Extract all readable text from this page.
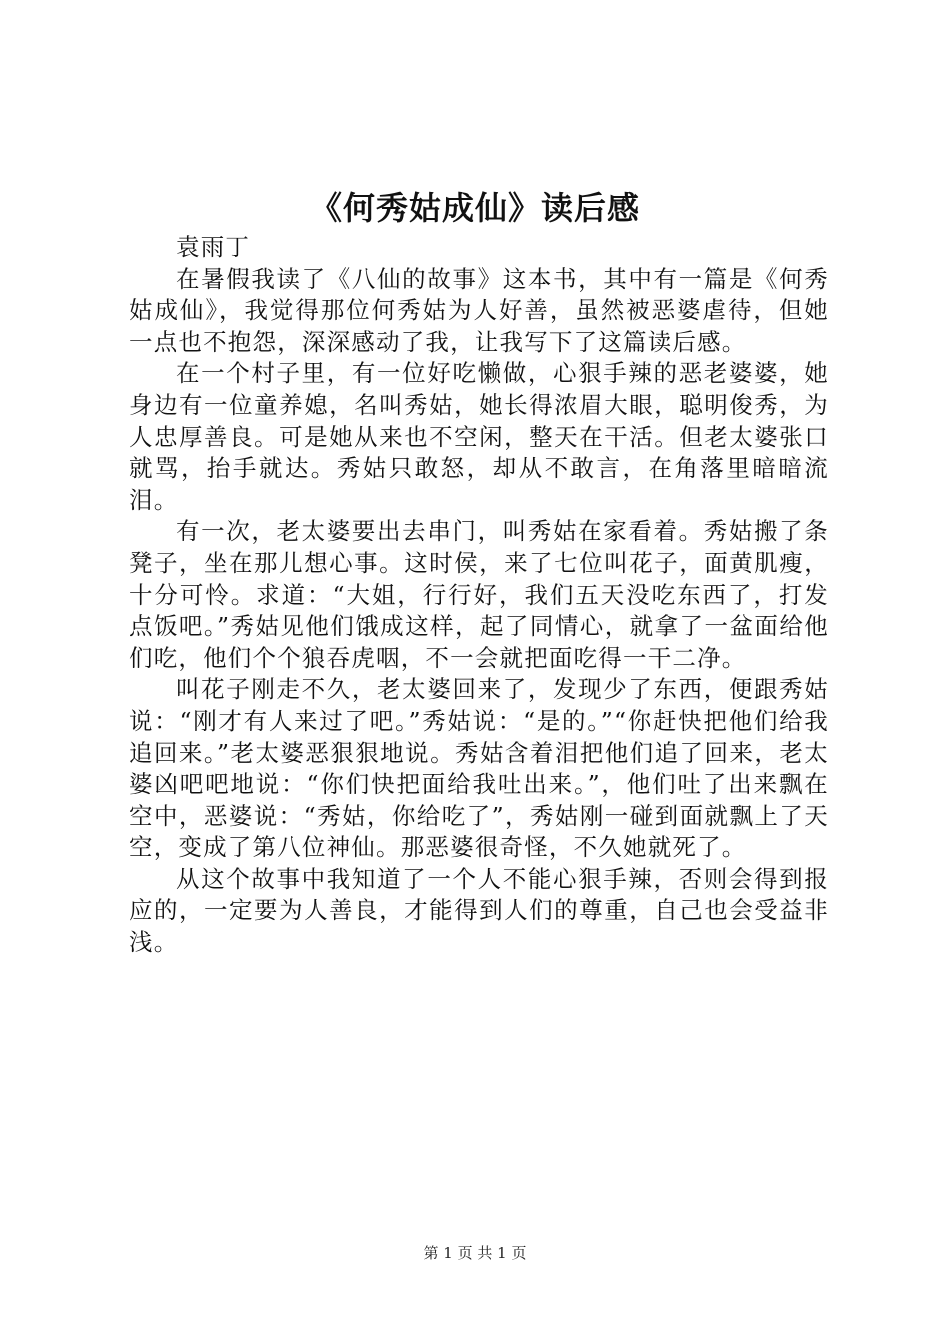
《何秀姑成仙》读后感

袁雨丁

在暑假我读了《八仙的故事》这本书，其中有一篇是《何秀姑成仙》，我觉得那位何秀姑为人好善，虽然被恶婆虐待，但她一点也不抱怨，深深感动了我，让我写下了这篇读后感。

在一个村子里，有一位好吃懒做，心狠手辣的恶老婆婆，她身边有一位童养媳，名叫秀姑，她长得浓眉大眼，聪明俊秀，为人忠厚善良。可是她从来也不空闲，整天在干活。但老太婆张口就骂，抬手就达。秀姑只敢怒，却从不敢言，在角落里暗暗流泪。

有一次，老太婆要出去串门，叫秀姑在家看着。秀姑搬了条凳子，坐在那儿想心事。这时侯，来了七位叫花子，面黄肌瘦，十分可怜。求道：“大姐，行行好，我们五天没吃东西了，打发点饭吧。”秀姑见他们饿成这样，起了同情心，就拿了一盆面给他们吃，他们个个狼吞虎咽，不一会就把面吃得一干二净。

叫花子刚走不久，老太婆回来了，发现少了东西，便跟秀姑说：“刚才有人来过了吧。”秀姑说：“是的。”“你赶快把他们给我追回来。”老太婆恶狠狠地说。秀姑含着泪把他们追了回来，老太婆凶吧吧地说：“你们快把面给我吐出来。”，他们吐了出来飘在空中，恶婆说：“秀姑，你给吃了”，秀姑刚一碰到面就飘上了天空，变成了第八位神仙。那恶婆很奇怪，不久她就死了。

从这个故事中我知道了一个人不能心狠手辣，否则会得到报应的，一定要为人善良，才能得到人们的尊重，自己也会受益非浅。

第 1 页 共 1 页
